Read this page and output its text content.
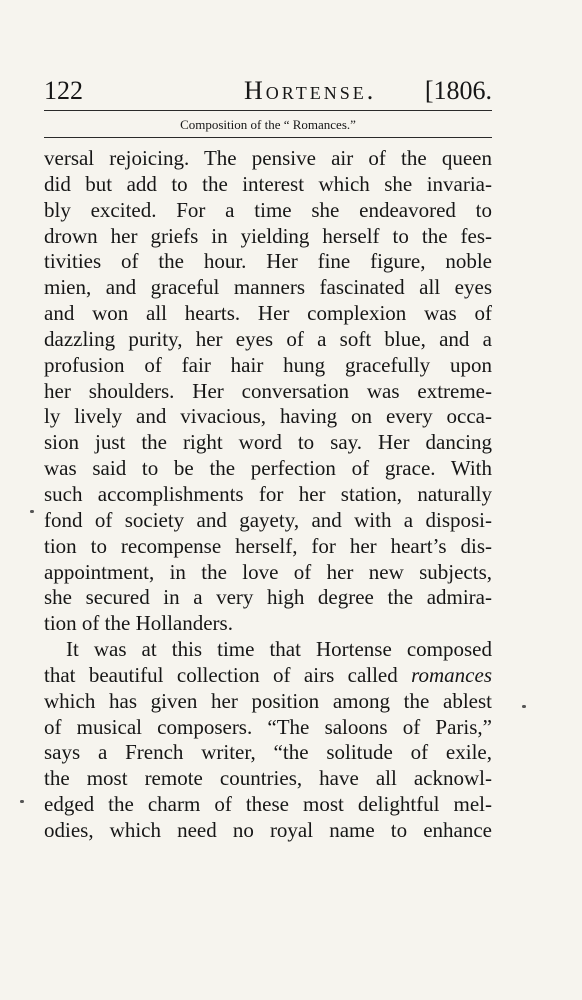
122	Hortense. [1806.
Composition of the “ Romances.”
versal rejoicing. The pensive air of the queen
did but add to the interest which she invaria-
bly excited. For a time she endeavored to
drown her griefs in yielding herself to the fes-
tivities of the hour. Her fine figure, noble
mien, and graceful manners fascinated all eyes
and won all hearts. Her complexion was of
dazzling purity, her eyes of a soft blue, and a
profusion of fair hair hung gracefully upon
her shoulders. Her conversation was extreme-
ly lively and vivacious, having on every occa-
sion just the right word to say. Her dancing
was said to be the perfection of grace. With
such accomplishments for her station, naturally
fond of society and gayety, and with a disposi-
tion to recompense herself, for her heart’s dis-
appointment, in the love of her new subjects,
she secured in a very high degree the admira-
tion of the Hollanders.
It was at this time that Hortense composed
that beautiful collection of airs called romances
which has given her position among the ablest
of musical composers. “The saloons of Paris,”
says a French writer, “the solitude of exile,
the most remote countries, have all acknowl-
edged the charm of these most delightful mel-
odies, which need no royal name to enhance
